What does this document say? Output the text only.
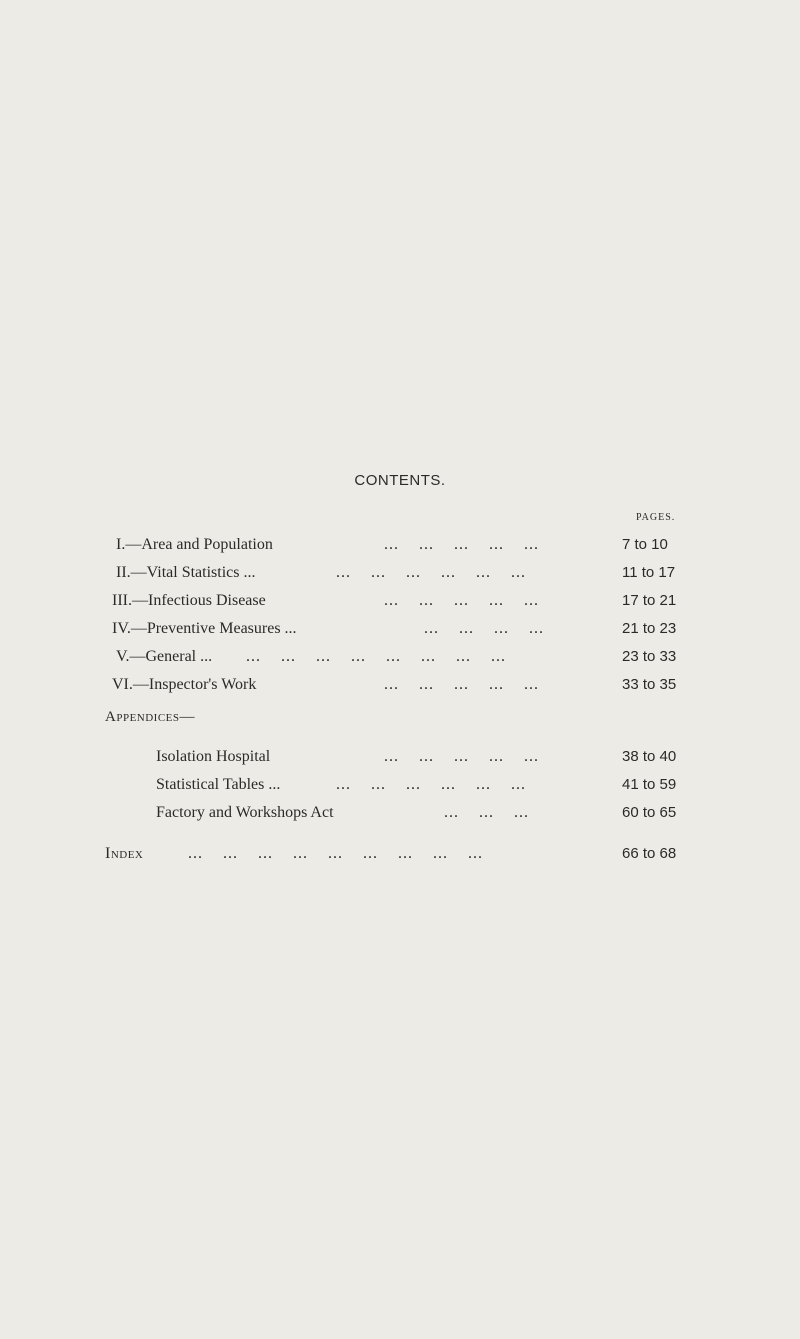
CONTENTS.
PAGES.
I.—Area and Population	...    ...    ...    ...    ...	7 to 10
II.—Vital Statistics ...	...    ...    ...    ...    ...    ...	11 to 17
III.—Infectious Disease	...    ...    ...    ...    ...	17 to 21
IV.—Preventive Measures ...	...    ...    ...    ...	21 to 23
V.—General ... ...    ...    ...    ...    ...    ...    ...    ...	23 to 33
VI.—Inspector's Work	...    ...    ...    ...    ...	33 to 35
Appendices—
Isolation Hospital	...    ...    ...    ...    ...	38 to 40
Statistical Tables ...	...    ...    ...    ...    ...    ...	41 to 59
Factory and Workshops Act	...    ...    ...	60 to 65
Index	...    ...    ...    ...    ...    ...    ...    ...    ...	66 to 68
